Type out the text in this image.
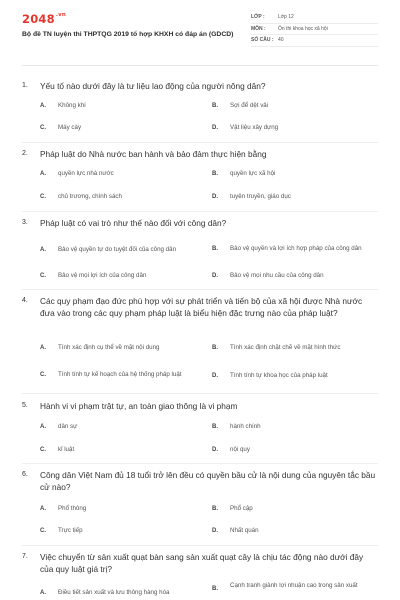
$2048^{.vn}$
Bộ đề TN luyện thi THPTQG 2019 tổ hợp KHXH có đáp án (GDCD)
LỚP :	Lớp 12
MÔN :	Ôn thi khoa học xã hội
SỐ CÂU : 40
1. Yếu tố nào dưới đây là tư liệu lao động của người nông dân?
A.	Không khí	B.	Sợi để dệt vải
C.	Máy cày	D.	Vật liệu xây dựng
2. Pháp luật do Nhà nước ban hành và bảo đảm thực hiện bằng
A.	quyền lực nhà nước	B.	quyền lực xã hội
C.	chủ trương, chính sách	D.	tuyên truyền, giáo dục
3. Pháp luật có vai trò như thế nào đối với công dân?
A.	Bảo vệ quyền tự do tuyệt đối của công dân	B.	Bảo vệ quyền và lợi ích hợp pháp của công dân
C.	Bảo vệ mọi lợi ích của công dân	D.	Bảo vệ mọi nhu cầu của công dân
4. Các quy phạm đạo đức phù hợp với sự phát triển và tiến bộ của xã hội được Nhà nước đưa vào trong các quy phạm pháp luật là biểu hiện đặc trưng nào của pháp luật?
A.	Tính xác định cụ thể về mặt nội dung	B.	Tính xác định chặt chẽ về mặt hình thức
C.	Tính tính tự kế hoạch của hệ thống pháp luật	D.	Tính tính tự khoa học của pháp luật
5. Hành vi vi phạm trật tự, an toàn giao thông là vi phạm
A.	dân sự	B.	hành chính
C.	kỉ luật	D.	nội quy
6. Công dân Việt Nam đủ 18 tuổi trở lên đều có quyền bầu cử là nội dung của nguyên tắc bầu cử nào?
A.	Phổ thông	B.	Phổ cập
C.	Trực tiếp	D.	Nhất quán
7. Việc chuyển từ sản xuất quạt bàn sang sản xuất quạt cây là chịu tác động nào dưới đây của quy luật giá trị?
A.	Điều tiết sản xuất và lưu thông hàng hóa	B.	Cạnh tranh giành lợi nhuận cao trong sản xuất
